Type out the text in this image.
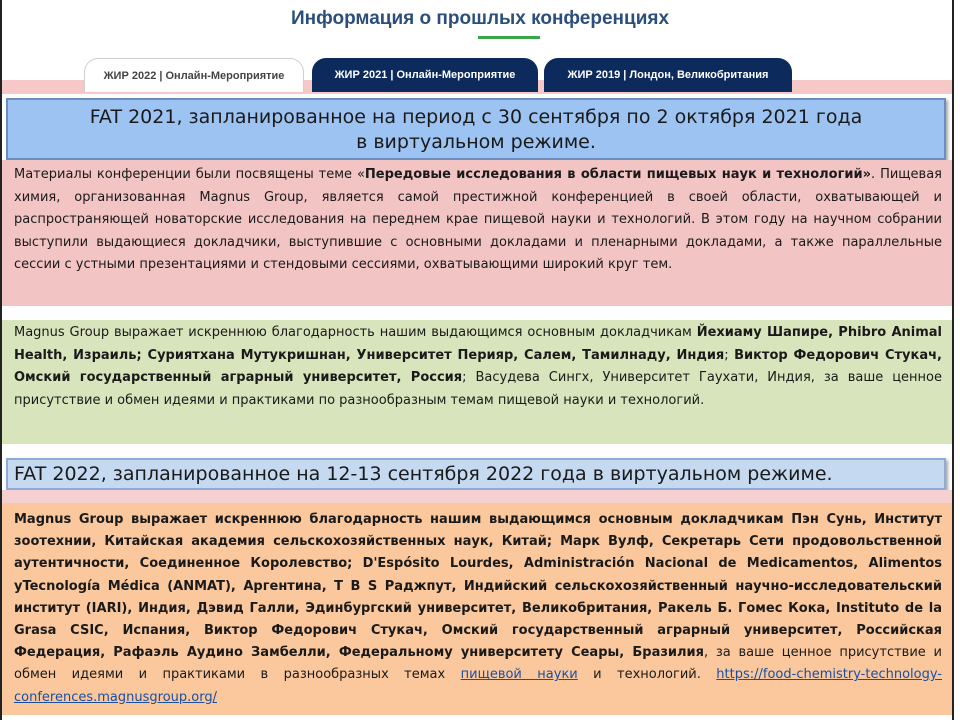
Информация о прошлых конференциях
ЖИР 2022 | Онлайн-Мероприятие	ЖИР 2021 | Онлайн-Мероприятие	ЖИР 2019 | Лондон, Великобритания
FAT 2021, запланированное на период с 30 сентября по 2 октября 2021 года
в виртуальном режиме.
Материалы конференции были посвящены теме «Передовые исследования в области пищевых наук и технологий». Пищевая химия, организованная Magnus Group, является самой престижной конференцией в своей области, охватывающей и распространяющей новаторские исследования на переднем крае пищевой науки и технологий. В этом году на научном собрании выступили выдающиеся докладчики, выступившие с основными докладами и пленарными докладами, а также параллельные сессии с устными презентациями и стендовыми сессиями, охватывающими широкий круг тем.
Magnus Group выражает искреннюю благодарность нашим выдающимся основным докладчикам Йехиаму Шапире, Phibro Animal Health, Израиль; Суриятхана Мутукришнан, Университет Перияр, Салем, Тамилнаду, Индия; Виктор Федорович Стукач, Омский государственный аграрный университет, Россия; Васудева Сингх, Университет Гаухати, Индия, за ваше ценное присутствие и обмен идеями и практиками по разнообразным темам пищевой науки и технологий.
FAT 2022, запланированное на 12-13 сентября 2022 года в виртуальном режиме.
Magnus Group выражает искреннюю благодарность нашим выдающимся основным докладчикам Пэн Сунь, Институт зоотехнии, Китайская академия сельскохозяйственных наук, Китай; Марк Вулф, Секретарь Сети продовольственной аутентичности, Соединенное Королевство; D'Espósito Lourdes, Administración Nacional de Medicamentos, Alimentos yTecnología Médica (ANMAT), Аргентина, T B S Раджпут, Индийский сельскохозяйственный научно-исследовательский институт (IARI), Индия, Дэвид Галли, Эдинбургский университет, Великобритания, Ракель Б. Гомес Кока, Instituto de la Grasa CSIC, Испания, Виктор Федорович Стукач, Омский государственный аграрный университет, Российская Федерация, Рафаэль Аудино Замбелли, Федеральному университету Сеары, Бразилия, за ваше ценное присутствие и обмен идеями и практиками в разнообразных темах пищевой науки и технологий. https://food-chemistry-technology-conferences.magnusgroup.org/
